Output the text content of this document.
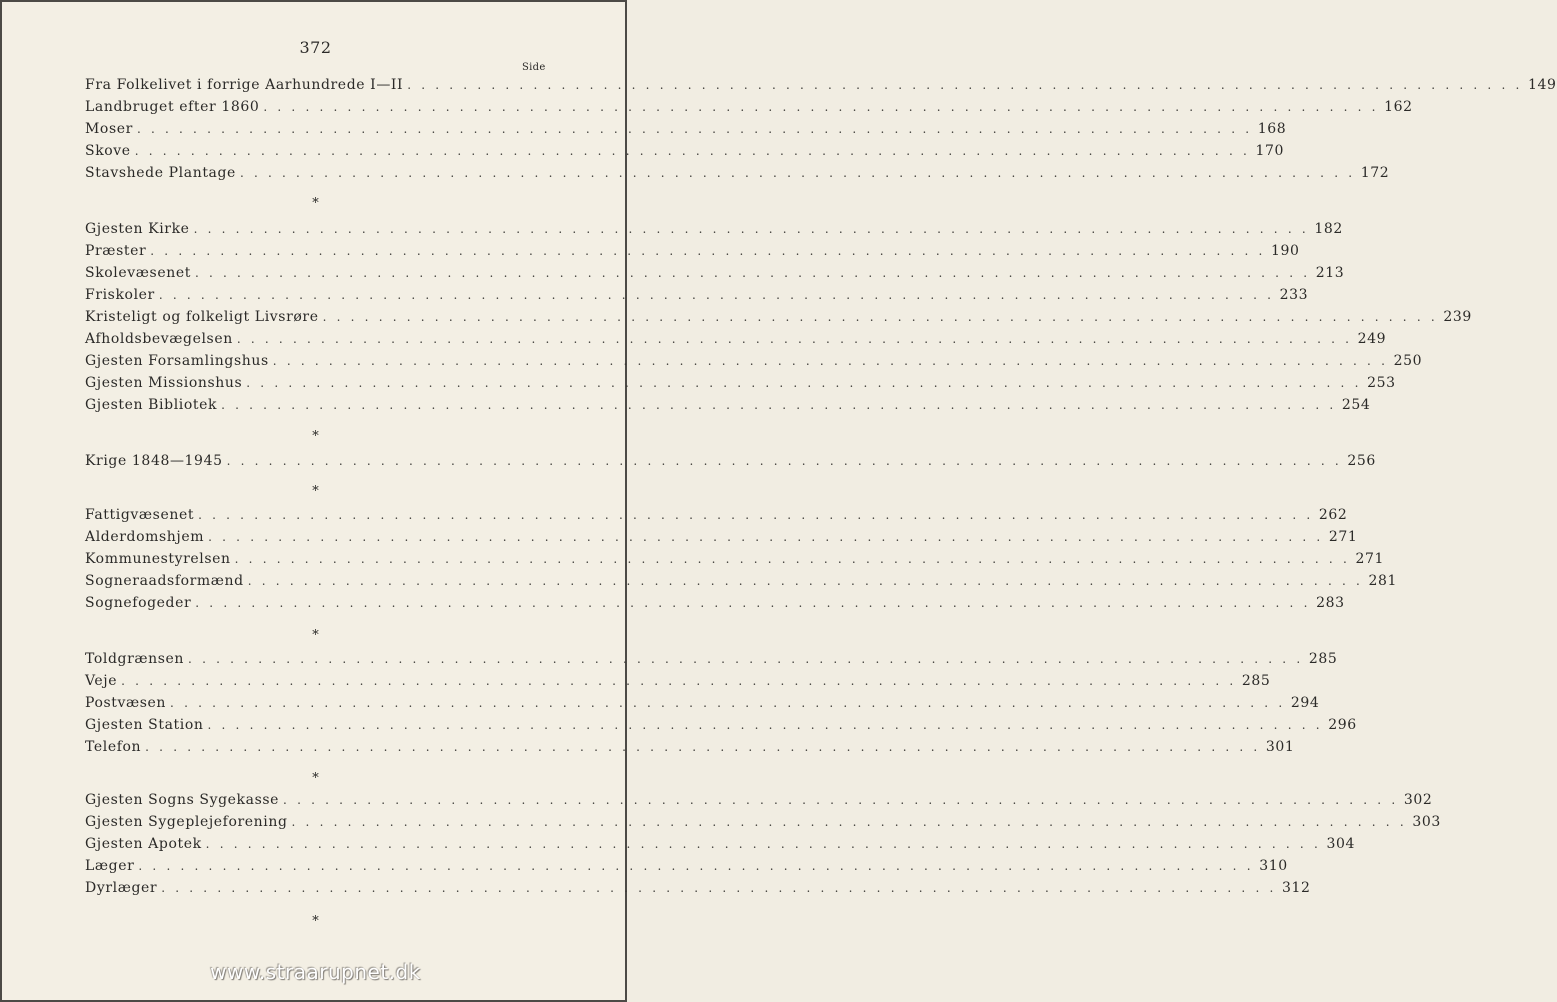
372
Side
Fra Folkelivet i forrige Aarhundrede I—II . . . . . . . . . . . . . . . . . . . . . . . . . . . . . . . . . . . . . . . . . . . . . . . . . . . . . . . . . . . . . . . . . . . . . . . . . . . . . . . . 149
Landbruget efter 1860 . . . . . . . . . . . . . . . . . . . . . . . . . . . . . . . . . . . . . . . . . . . . . . . . . . . . . . . . . . . . . . . . . . . . . . . . . . . . . . . . 162
Moser . . . . . . . . . . . . . . . . . . . . . . . . . . . . . . . . . . . . . . . . . . . . . . . . . . . . . . . . . . . . . . . . . . . . . . . . . . . . . . . . 168
Skove . . . . . . . . . . . . . . . . . . . . . . . . . . . . . . . . . . . . . . . . . . . . . . . . . . . . . . . . . . . . . . . . . . . . . . . . . . . . . . . . 170
Stavshede Plantage . . . . . . . . . . . . . . . . . . . . . . . . . . . . . . . . . . . . . . . . . . . . . . . . . . . . . . . . . . . . . . . . . . . . . . . . . . . . . . . . 172
Gjesten Kirke . . . . . . . . . . . . . . . . . . . . . . . . . . . . . . . . . . . . . . . . . . . . . . . . . . . . . . . . . . . . . . . . . . . . . . . . . . . . . . . . 182
Præster . . . . . . . . . . . . . . . . . . . . . . . . . . . . . . . . . . . . . . . . . . . . . . . . . . . . . . . . . . . . . . . . . . . . . . . . . . . . . . . . 190
Skolevæsenet . . . . . . . . . . . . . . . . . . . . . . . . . . . . . . . . . . . . . . . . . . . . . . . . . . . . . . . . . . . . . . . . . . . . . . . . . . . . . . . . 213
Friskoler . . . . . . . . . . . . . . . . . . . . . . . . . . . . . . . . . . . . . . . . . . . . . . . . . . . . . . . . . . . . . . . . . . . . . . . . . . . . . . . . 233
Kristeligt og folkeligt Livsrøre . . . . . . . . . . . . . . . . . . . . . . . . . . . . . . . . . . . . . . . . . . . . . . . . . . . . . . . . . . . . . . . . . . . . . . . . . . . . . . . . 239
Afholdsbevægelsen . . . . . . . . . . . . . . . . . . . . . . . . . . . . . . . . . . . . . . . . . . . . . . . . . . . . . . . . . . . . . . . . . . . . . . . . . . . . . . . . 249
Gjesten Forsamlingshus . . . . . . . . . . . . . . . . . . . . . . . . . . . . . . . . . . . . . . . . . . . . . . . . . . . . . . . . . . . . . . . . . . . . . . . . . . . . . . . . 250
Gjesten Missionshus . . . . . . . . . . . . . . . . . . . . . . . . . . . . . . . . . . . . . . . . . . . . . . . . . . . . . . . . . . . . . . . . . . . . . . . . . . . . . . . . 253
Gjesten Bibliotek . . . . . . . . . . . . . . . . . . . . . . . . . . . . . . . . . . . . . . . . . . . . . . . . . . . . . . . . . . . . . . . . . . . . . . . . . . . . . . . . 254
Krige 1848—1945 . . . . . . . . . . . . . . . . . . . . . . . . . . . . . . . . . . . . . . . . . . . . . . . . . . . . . . . . . . . . . . . . . . . . . . . . . . . . . . . . 256
Fattigvæsenet . . . . . . . . . . . . . . . . . . . . . . . . . . . . . . . . . . . . . . . . . . . . . . . . . . . . . . . . . . . . . . . . . . . . . . . . . . . . . . . . 262
Alderdomshjem . . . . . . . . . . . . . . . . . . . . . . . . . . . . . . . . . . . . . . . . . . . . . . . . . . . . . . . . . . . . . . . . . . . . . . . . . . . . . . . . 271
Kommunestyrelsen . . . . . . . . . . . . . . . . . . . . . . . . . . . . . . . . . . . . . . . . . . . . . . . . . . . . . . . . . . . . . . . . . . . . . . . . . . . . . . . . 271
Sogneraadsformænd . . . . . . . . . . . . . . . . . . . . . . . . . . . . . . . . . . . . . . . . . . . . . . . . . . . . . . . . . . . . . . . . . . . . . . . . . . . . . . . . 281
Sognefogeder . . . . . . . . . . . . . . . . . . . . . . . . . . . . . . . . . . . . . . . . . . . . . . . . . . . . . . . . . . . . . . . . . . . . . . . . . . . . . . . . 283
Toldgrænsen . . . . . . . . . . . . . . . . . . . . . . . . . . . . . . . . . . . . . . . . . . . . . . . . . . . . . . . . . . . . . . . . . . . . . . . . . . . . . . . . 285
Veje . . . . . . . . . . . . . . . . . . . . . . . . . . . . . . . . . . . . . . . . . . . . . . . . . . . . . . . . . . . . . . . . . . . . . . . . . . . . . . . . 285
Postvæsen . . . . . . . . . . . . . . . . . . . . . . . . . . . . . . . . . . . . . . . . . . . . . . . . . . . . . . . . . . . . . . . . . . . . . . . . . . . . . . . . 294
Gjesten Station . . . . . . . . . . . . . . . . . . . . . . . . . . . . . . . . . . . . . . . . . . . . . . . . . . . . . . . . . . . . . . . . . . . . . . . . . . . . . . . . 296
Telefon . . . . . . . . . . . . . . . . . . . . . . . . . . . . . . . . . . . . . . . . . . . . . . . . . . . . . . . . . . . . . . . . . . . . . . . . . . . . . . . . 301
Gjesten Sogns Sygekasse . . . . . . . . . . . . . . . . . . . . . . . . . . . . . . . . . . . . . . . . . . . . . . . . . . . . . . . . . . . . . . . . . . . . . . . . . . . . . . . . 302
Gjesten Sygeplejeforening . . . . . . . . . . . . . . . . . . . . . . . . . . . . . . . . . . . . . . . . . . . . . . . . . . . . . . . . . . . . . . . . . . . . . . . . . . . . . . . . 303
Gjesten Apotek . . . . . . . . . . . . . . . . . . . . . . . . . . . . . . . . . . . . . . . . . . . . . . . . . . . . . . . . . . . . . . . . . . . . . . . . . . . . . . . . 304
Læger . . . . . . . . . . . . . . . . . . . . . . . . . . . . . . . . . . . . . . . . . . . . . . . . . . . . . . . . . . . . . . . . . . . . . . . . . . . . . . . . 310
Dyrlæger . . . . . . . . . . . . . . . . . . . . . . . . . . . . . . . . . . . . . . . . . . . . . . . . . . . . . . . . . . . . . . . . . . . . . . . . . . . . . . . . 312
*
*
*
*
*
*
www.straarupnet.dk
